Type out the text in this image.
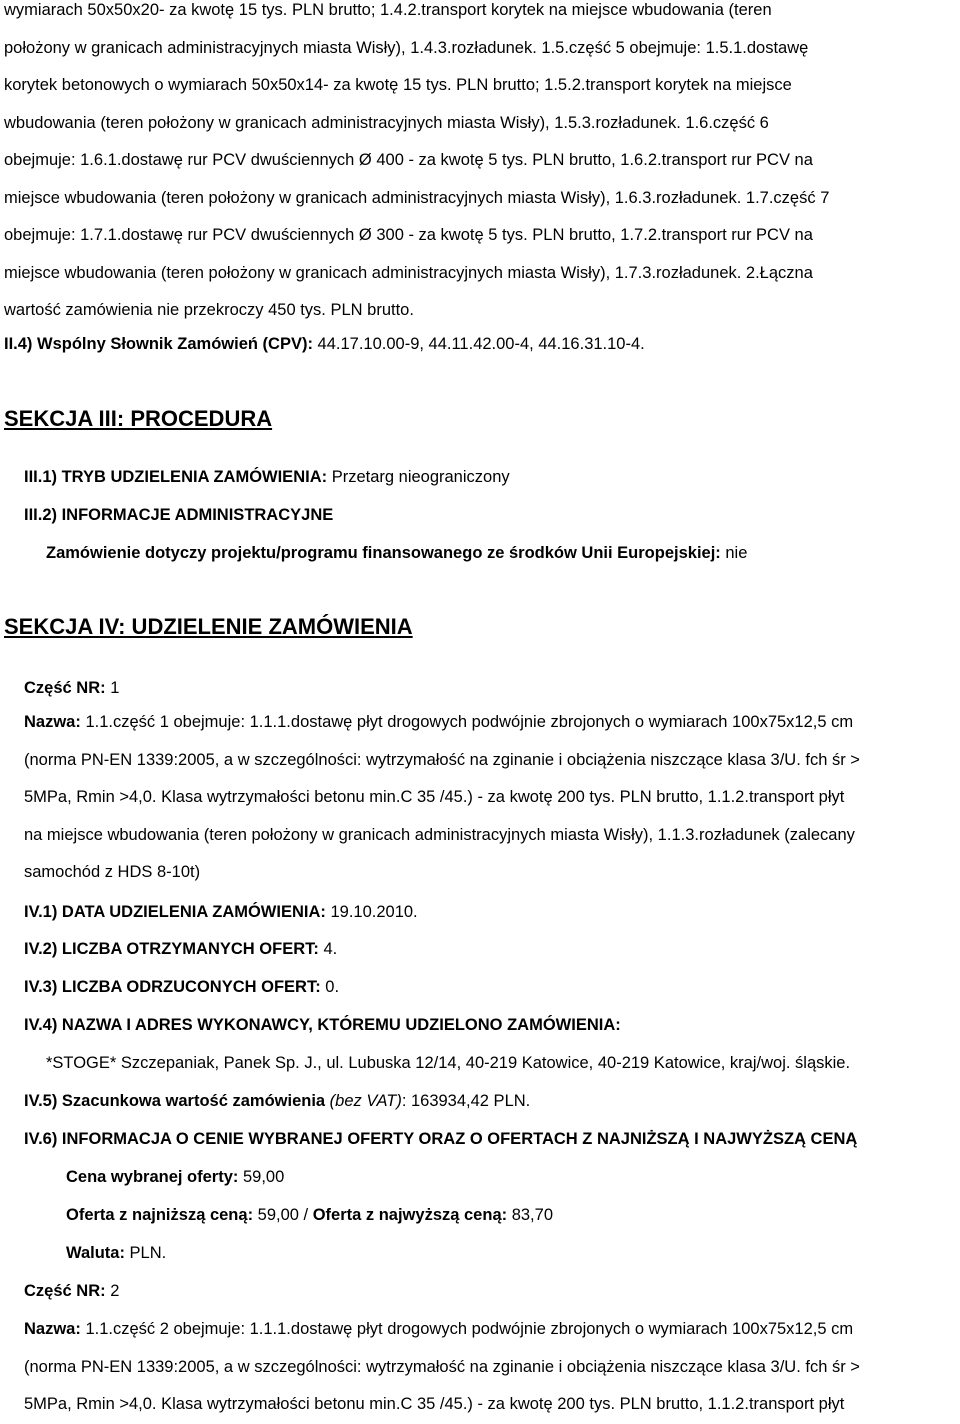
wymiarach 50x50x20- za kwotę 15 tys. PLN brutto; 1.4.2.transport korytek na miejsce wbudowania (teren

położony w granicach administracyjnych miasta Wisły), 1.4.3.rozładunek. 1.5.część 5 obejmuje: 1.5.1.dostawę

korytek betonowych o wymiarach 50x50x14- za kwotę 15 tys. PLN brutto; 1.5.2.transport korytek na miejsce

wbudowania (teren położony w granicach administracyjnych miasta Wisły), 1.5.3.rozładunek. 1.6.część 6

obejmuje: 1.6.1.dostawę rur PCV dwuściennych Ø 400 - za kwotę 5 tys. PLN brutto, 1.6.2.transport rur PCV na

miejsce wbudowania (teren położony w granicach administracyjnych miasta Wisły), 1.6.3.rozładunek. 1.7.część 7

obejmuje: 1.7.1.dostawę rur PCV dwuściennych Ø 300 - za kwotę 5 tys. PLN brutto, 1.7.2.transport rur PCV na

miejsce wbudowania (teren położony w granicach administracyjnych miasta Wisły), 1.7.3.rozładunek. 2.Łączna

wartość zamówienia nie przekroczy 450 tys. PLN brutto.

II.4) Wspólny Słownik Zamówień (CPV): 44.17.10.00-9, 44.11.42.00-4, 44.16.31.10-4.
SEKCJA III: PROCEDURA
III.1) TRYB UDZIELENIA ZAMÓWIENIA: Przetarg nieograniczony
III.2) INFORMACJE ADMINISTRACYJNE
Zamówienie dotyczy projektu/programu finansowanego ze środków Unii Europejskiej: nie
SEKCJA IV: UDZIELENIE ZAMÓWIENIA
Część NR: 1

Nazwa: 1.1.część 1 obejmuje: 1.1.1.dostawę płyt drogowych podwójnie zbrojonych o wymiarach 100x75x12,5 cm

(norma PN-EN 1339:2005, a w szczególności: wytrzymałość na zginanie i obciążenia niszczące klasa 3/U. fch śr >

5MPa, Rmin >4,0. Klasa wytrzymałości betonu min.C 35 /45.) - za kwotę 200 tys. PLN brutto, 1.1.2.transport płyt

na miejsce wbudowania (teren położony w granicach administracyjnych miasta Wisły), 1.1.3.rozładunek (zalecany

samochód z HDS 8-10t)

IV.1) DATA UDZIELENIA ZAMÓWIENIA: 19.10.2010.
IV.2) LICZBA OTRZYMANYCH OFERT: 4.
IV.3) LICZBA ODRZUCONYCH OFERT: 0.
IV.4) NAZWA I ADRES WYKONAWCY, KTÓREMU UDZIELONO ZAMÓWIENIA:
*STOGE* Szczepaniak, Panek Sp. J., ul. Lubuska 12/14, 40-219 Katowice, 40-219 Katowice, kraj/woj. śląskie.
IV.5) Szacunkowa wartość zamówienia (bez VAT): 163934,42 PLN.
IV.6) INFORMACJA O CENIE WYBRANEJ OFERTY ORAZ O OFERTACH Z NAJNIŻSZĄ I NAJWYŻSZĄ CENĄ
Cena wybranej oferty: 59,00
Oferta z najniższą ceną: 59,00 / Oferta z najwyższą ceną: 83,70
Waluta: PLN.
Część NR: 2

Nazwa: 1.1.część 2 obejmuje: 1.1.1.dostawę płyt drogowych podwójnie zbrojonych o wymiarach 100x75x12,5 cm

(norma PN-EN 1339:2005, a w szczególności: wytrzymałość na zginanie i obciążenia niszczące klasa 3/U. fch śr >

5MPa, Rmin >4,0. Klasa wytrzymałości betonu min.C 35 /45.) - za kwotę 200 tys. PLN brutto, 1.1.2.transport płyt
